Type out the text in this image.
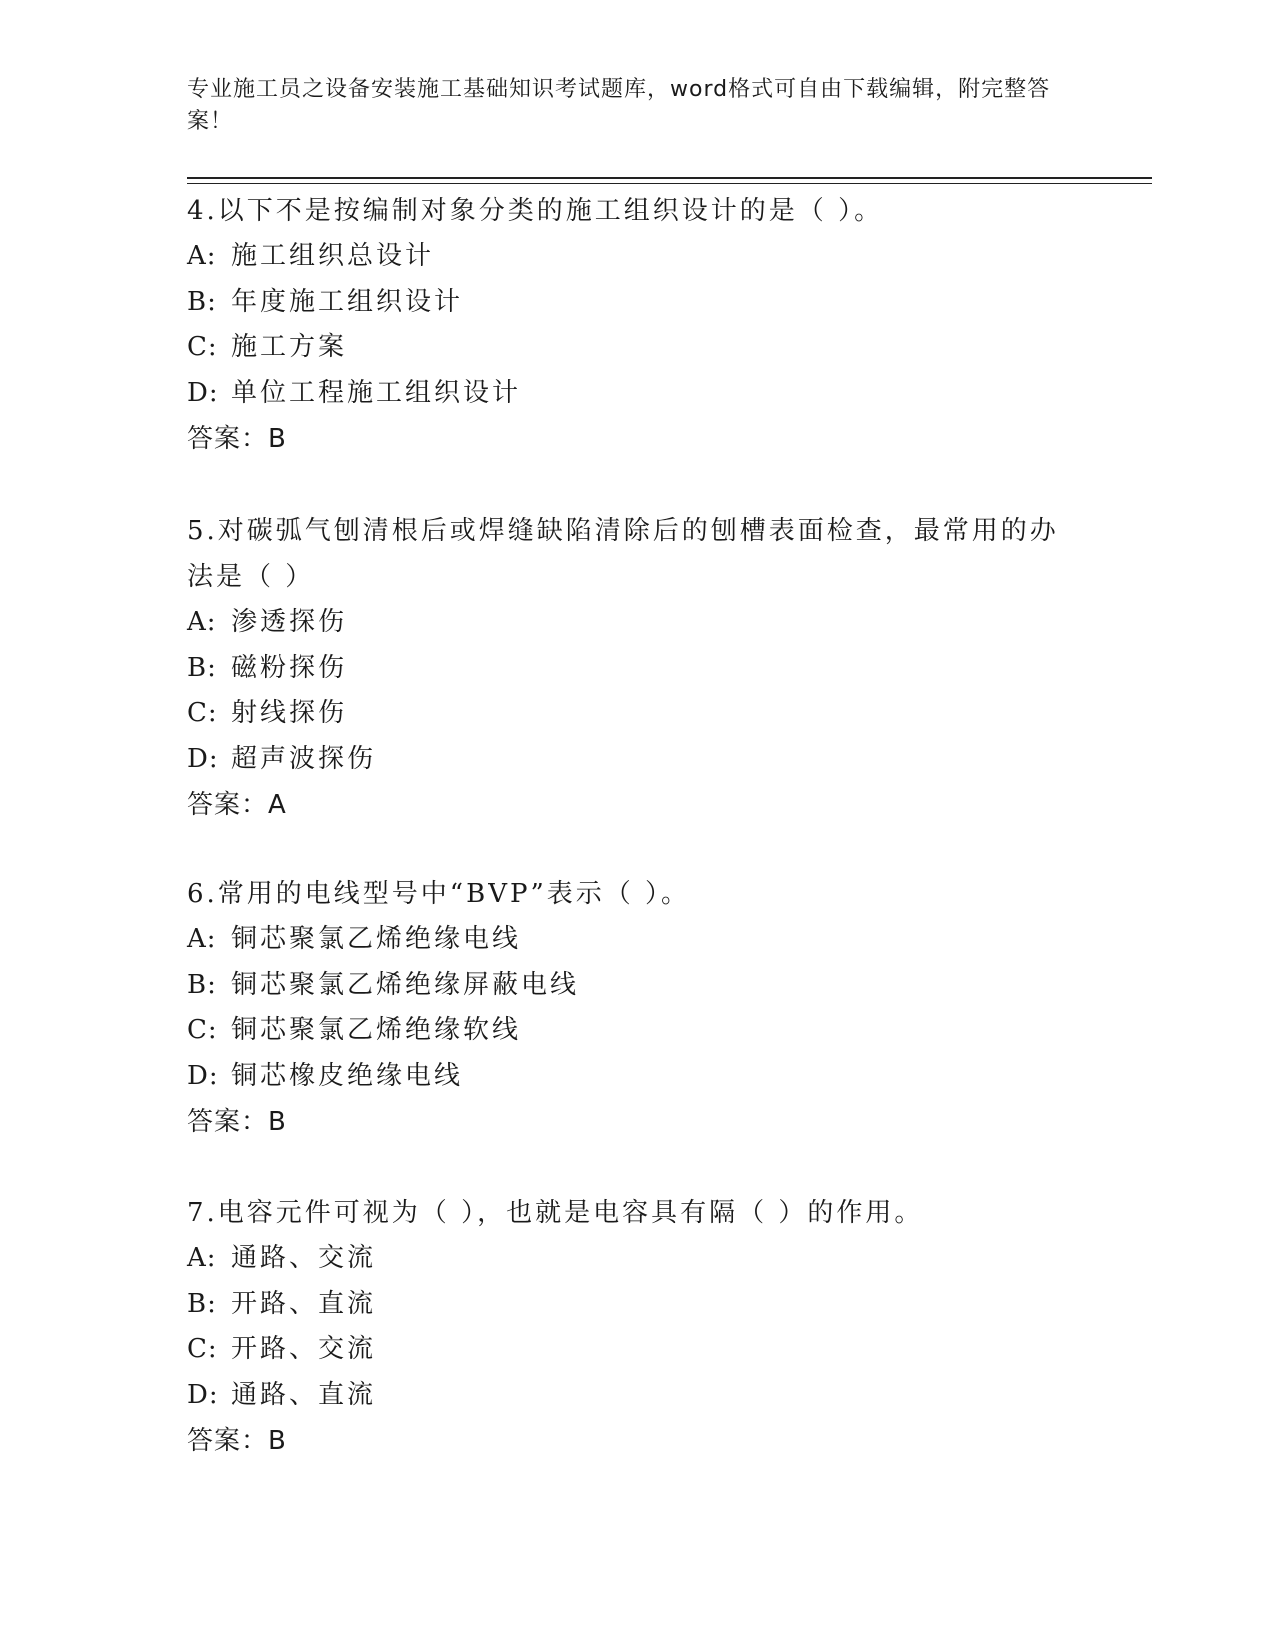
专业施工员之设备安装施工基础知识考试题库，word格式可自由下载编辑，附完整答案！

4.以下不是按编制对象分类的施工组织设计的是（ ）。

A: 施工组织总设计

B: 年度施工组织设计

C: 施工方案

D: 单位工程施工组织设计

答案：B

5.对碳弧气刨清根后或焊缝缺陷清除后的刨槽表面检查，最常用的办法是（ ）

A: 渗透探伤

B: 磁粉探伤

C: 射线探伤

D: 超声波探伤

答案：A

6.常用的电线型号中“BVP”表示（ ）。

A: 铜芯聚氯乙烯绝缘电线

B: 铜芯聚氯乙烯绝缘屏蔽电线

C: 铜芯聚氯乙烯绝缘软线

D: 铜芯橡皮绝缘电线

答案：B

7.电容元件可视为（ ），也就是电容具有隔（ ）的作用。

A: 通路、交流

B: 开路、直流

C: 开路、交流

D: 通路、直流

答案：B
